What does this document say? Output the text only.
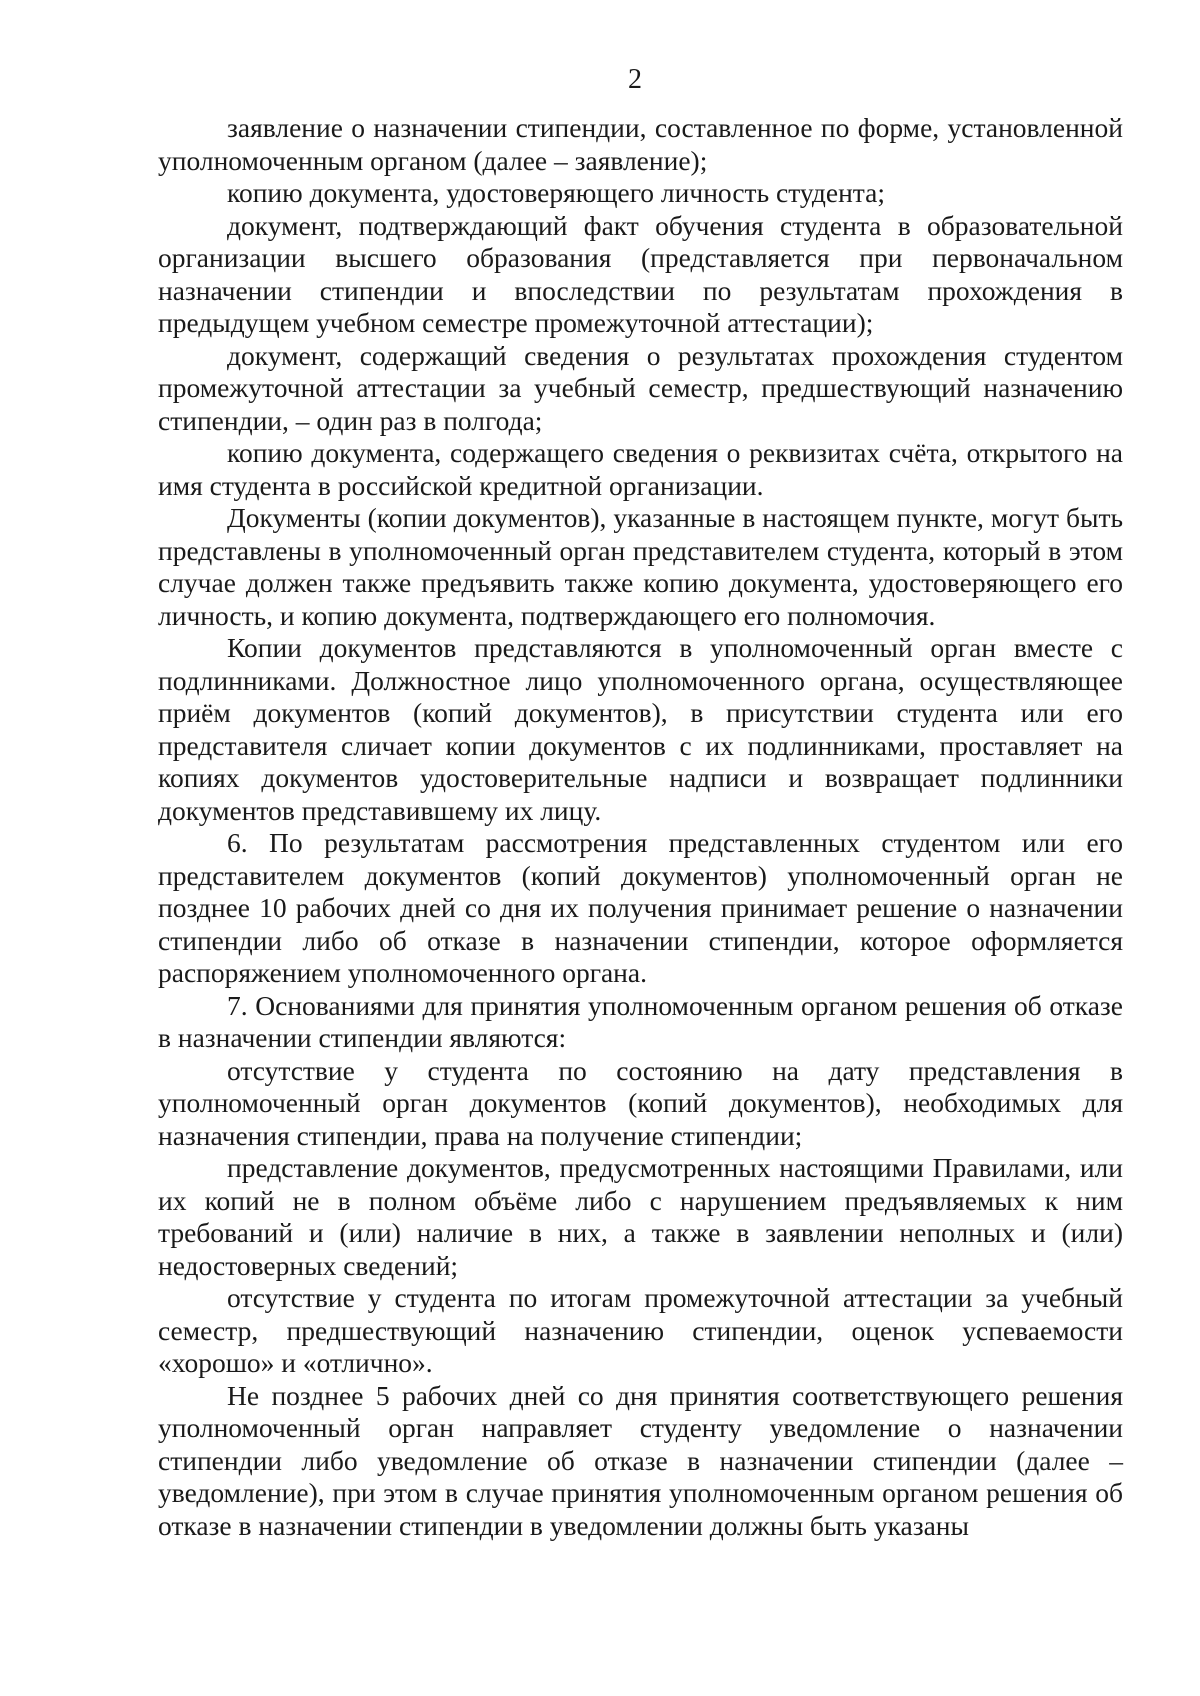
2

заявление о назначении стипендии, составленное по форме, установленной уполномоченным органом (далее – заявление);

копию документа, удостоверяющего личность студента;

документ, подтверждающий факт обучения студента в образовательной организации высшего образования (представляется при первоначальном назначении стипендии и впоследствии по результатам прохождения в предыдущем учебном семестре промежуточной аттестации);

документ, содержащий сведения о результатах прохождения студентом промежуточной аттестации за учебный семестр, предшествующий назначению стипендии, – один раз в полгода;

копию документа, содержащего сведения о реквизитах счёта, открытого на имя студента в российской кредитной организации.

Документы (копии документов), указанные в настоящем пункте, могут быть представлены в уполномоченный орган представителем студента, который в этом случае должен также предъявить также копию документа, удостоверяющего его личность, и копию документа, подтверждающего его полномочия.

Копии документов представляются в уполномоченный орган вместе с подлинниками. Должностное лицо уполномоченного органа, осуществляющее приём документов (копий документов), в присутствии студента или его представителя сличает копии документов с их подлинниками, проставляет на копиях документов удостоверительные надписи и возвращает подлинники документов представившему их лицу.

6. По результатам рассмотрения представленных студентом или его представителем документов (копий документов) уполномоченный орган не позднее 10 рабочих дней со дня их получения принимает решение о назначении стипендии либо об отказе в назначении стипендии, которое оформляется распоряжением уполномоченного органа.

7. Основаниями для принятия уполномоченным органом решения об отказе в назначении стипендии являются:

отсутствие у студента по состоянию на дату представления в уполномоченный орган документов (копий документов), необходимых для назначения стипендии, права на получение стипендии;

представление документов, предусмотренных настоящими Правилами, или их копий не в полном объёме либо с нарушением предъявляемых к ним требований и (или) наличие в них, а также в заявлении неполных и (или) недостоверных сведений;

отсутствие у студента по итогам промежуточной аттестации за учебный семестр, предшествующий назначению стипендии, оценок успеваемости «хорошо» и «отлично».

Не позднее 5 рабочих дней со дня принятия соответствующего решения уполномоченный орган направляет студенту уведомление о назначении стипендии либо уведомление об отказе в назначении стипендии (далее – уведомление), при этом в случае принятия уполномоченным органом решения об отказе в назначении стипендии в уведомлении должны быть указаны
